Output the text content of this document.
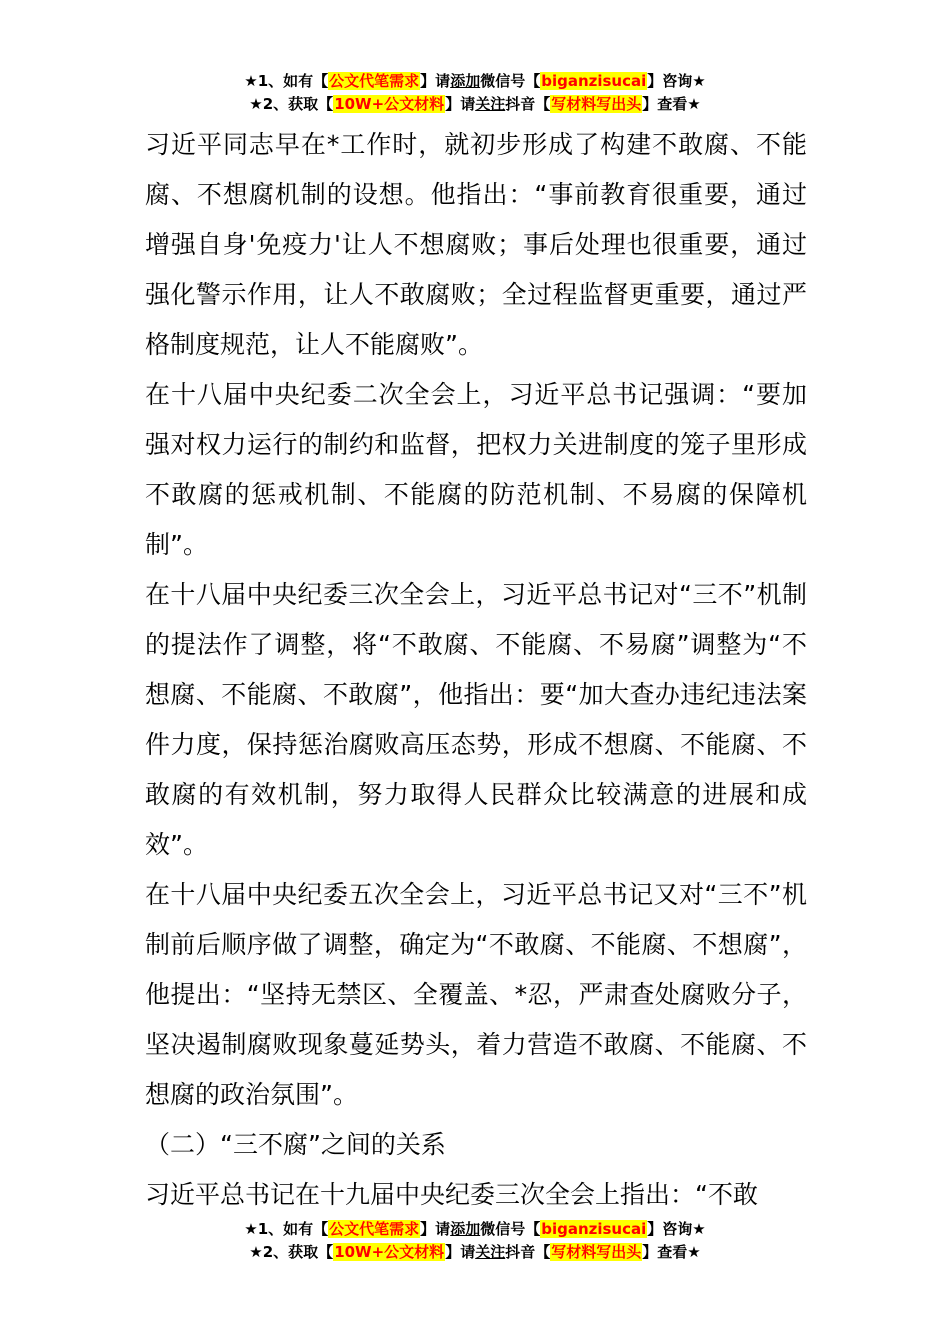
★1、如有【公文代笔需求】请添加微信号【biganzisucai】咨询★
★2、获取【10W+公文材料】请关注抖音【写材料写出头】查看★

习近平同志早在*工作时，就初步形成了构建不敢腐、不能腐、不想腐机制的设想。他指出：“事前教育很重要，通过增强自身'免疫力'让人不想腐败；事后处理也很重要，通过强化警示作用，让人不敢腐败；全过程监督更重要，通过严格制度规范，让人不能腐败”。

在十八届中央纪委二次全会上，习近平总书记强调：“要加强对权力运行的制约和监督，把权力关进制度的笼子里形成不敢腐的惩戒机制、不能腐的防范机制、不易腐的保障机制”。

在十八届中央纪委三次全会上，习近平总书记对“三不”机制的提法作了调整，将“不敢腐、不能腐、不易腐”调整为“不想腐、不能腐、不敢腐”，他指出：要“加大查办违纪违法案件力度，保持惩治腐败高压态势，形成不想腐、不能腐、不敢腐的有效机制，努力取得人民群众比较满意的进展和成效”。

在十八届中央纪委五次全会上，习近平总书记又对“三不”机制前后顺序做了调整，确定为“不敢腐、不能腐、不想腐”，他提出：“坚持无禁区、全覆盖、*忍，严肃查处腐败分子，坚决遏制腐败现象蔓延势头，着力营造不敢腐、不能腐、不想腐的政治氛围”。

（二）“三不腐”之间的关系

习近平总书记在十九届中央纪委三次全会上指出：“不敢

★1、如有【公文代笔需求】请添加微信号【biganzisucai】咨询★
★2、获取【10W+公文材料】请关注抖音【写材料写出头】查看★
